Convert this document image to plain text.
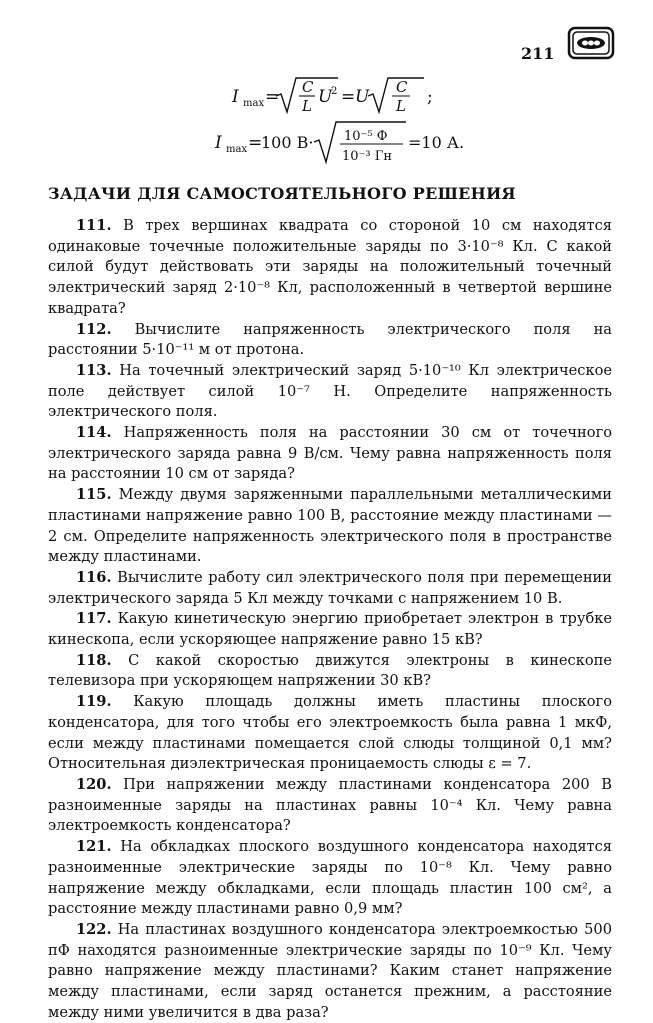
211
I max = C
L U
2 = U C
L ;
I max =
100 В· 10⁻⁵ Ф
10⁻³ Гн
=10 А.
ЗАДАЧИ ДЛЯ САМОСТОЯТЕЛЬНОГО РЕШЕНИЯ

111. В трех вершинах квадрата со стороной 10 см находятся одинаковые точечные положительные заряды по 3·10⁻⁸ Кл. С какой силой будут действовать эти заряды на положительный точечный электрический заряд 2·10⁻⁸ Кл, расположенный в четвертой вершине квадрата?

112. Вычислите напряженность электрического поля на расстоянии 5·10⁻¹¹ м от протона.

113. На точечный электрический заряд 5·10⁻¹⁰ Кл электрическое поле действует силой 10⁻⁷ Н. Определите напряженность электрического поля.

114. Напряженность поля на расстоянии 30 см от точечного электрического заряда равна 9 В/см. Чему равна напряженность поля на расстоянии 10 см от заряда?

115. Между двумя заряженными параллельными металлическими пластинами напряжение равно 100 В, расстояние между пластинами — 2 см. Определите напряженность электрического поля в пространстве между пластинами.

116. Вычислите работу сил электрического поля при перемещении электрического заряда 5 Кл между точками с напряжением 10 В.

117. Какую кинетическую энергию приобретает электрон в трубке кинескопа, если ускоряющее напряжение равно 15 кВ?

118. С какой скоростью движутся электроны в кинескопе телевизора при ускоряющем напряжении 30 кВ?

119. Какую площадь должны иметь пластины плоского конденсатора, для того чтобы его электроемкость была равна 1 мкФ, если между пластинами помещается слой слюды толщиной 0,1 мм? Относительная диэлектрическая проницаемость слюды ε = 7.

120. При напряжении между пластинами конденсатора 200 В разноименные заряды на пластинах равны 10⁻⁴ Кл. Чему равна электроемкость конденсатора?

121. На обкладках плоского воздушного конденсатора находятся разноименные электрические заряды по 10⁻⁸ Кл. Чему равно напряжение между обкладками, если площадь пластин 100 см², а расстояние между пластинами равно 0,9 мм?

122. На пластинах воздушного конденсатора электроемкостью 500 пФ находятся разноименные электрические заряды по 10⁻⁹ Кл. Чему равно напряжение между пластинами? Каким станет напряжение между пластинами, если заряд останется прежним, а расстояние между ними увеличится в два раза?
